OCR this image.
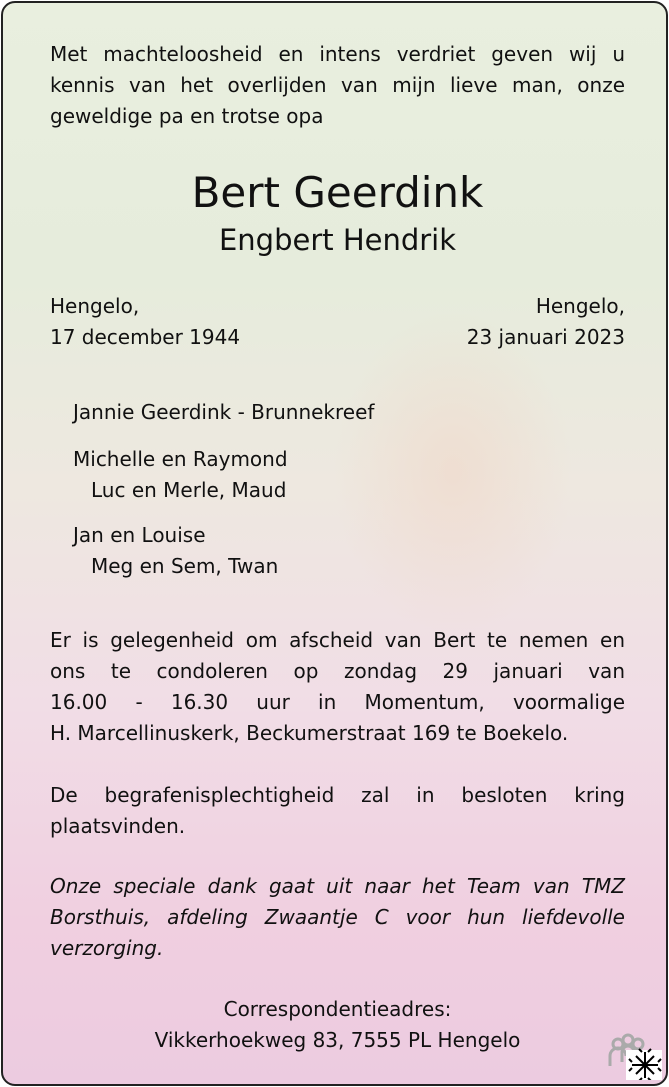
Met machteloosheid en intens verdriet geven wij u
kennis van het overlijden van mijn lieve man, onze
geweldige pa en trotse opa
Bert Geerdink
Engbert Hendrik
Hengelo,
17 december 1944
Hengelo,
23 januari 2023
Jannie Geerdink - Brunnekreef
Michelle en Raymond
Luc en Merle, Maud
Jan en Louise
Meg en Sem, Twan
Er is gelegenheid om afscheid van Bert te nemen en
ons te condoleren op zondag 29 januari van
16.00 - 16.30 uur in Momentum, voormalige
H. Marcellinuskerk, Beckumerstraat 169 te Boekelo.
De begrafenisplechtigheid zal in besloten kring
plaatsvinden.
Onze speciale dank gaat uit naar het Team van TMZ
Borsthuis, afdeling Zwaantje C voor hun liefdevolle
verzorging.
Correspondentieadres:
Vikkerhoekweg 83, 7555 PL Hengelo
